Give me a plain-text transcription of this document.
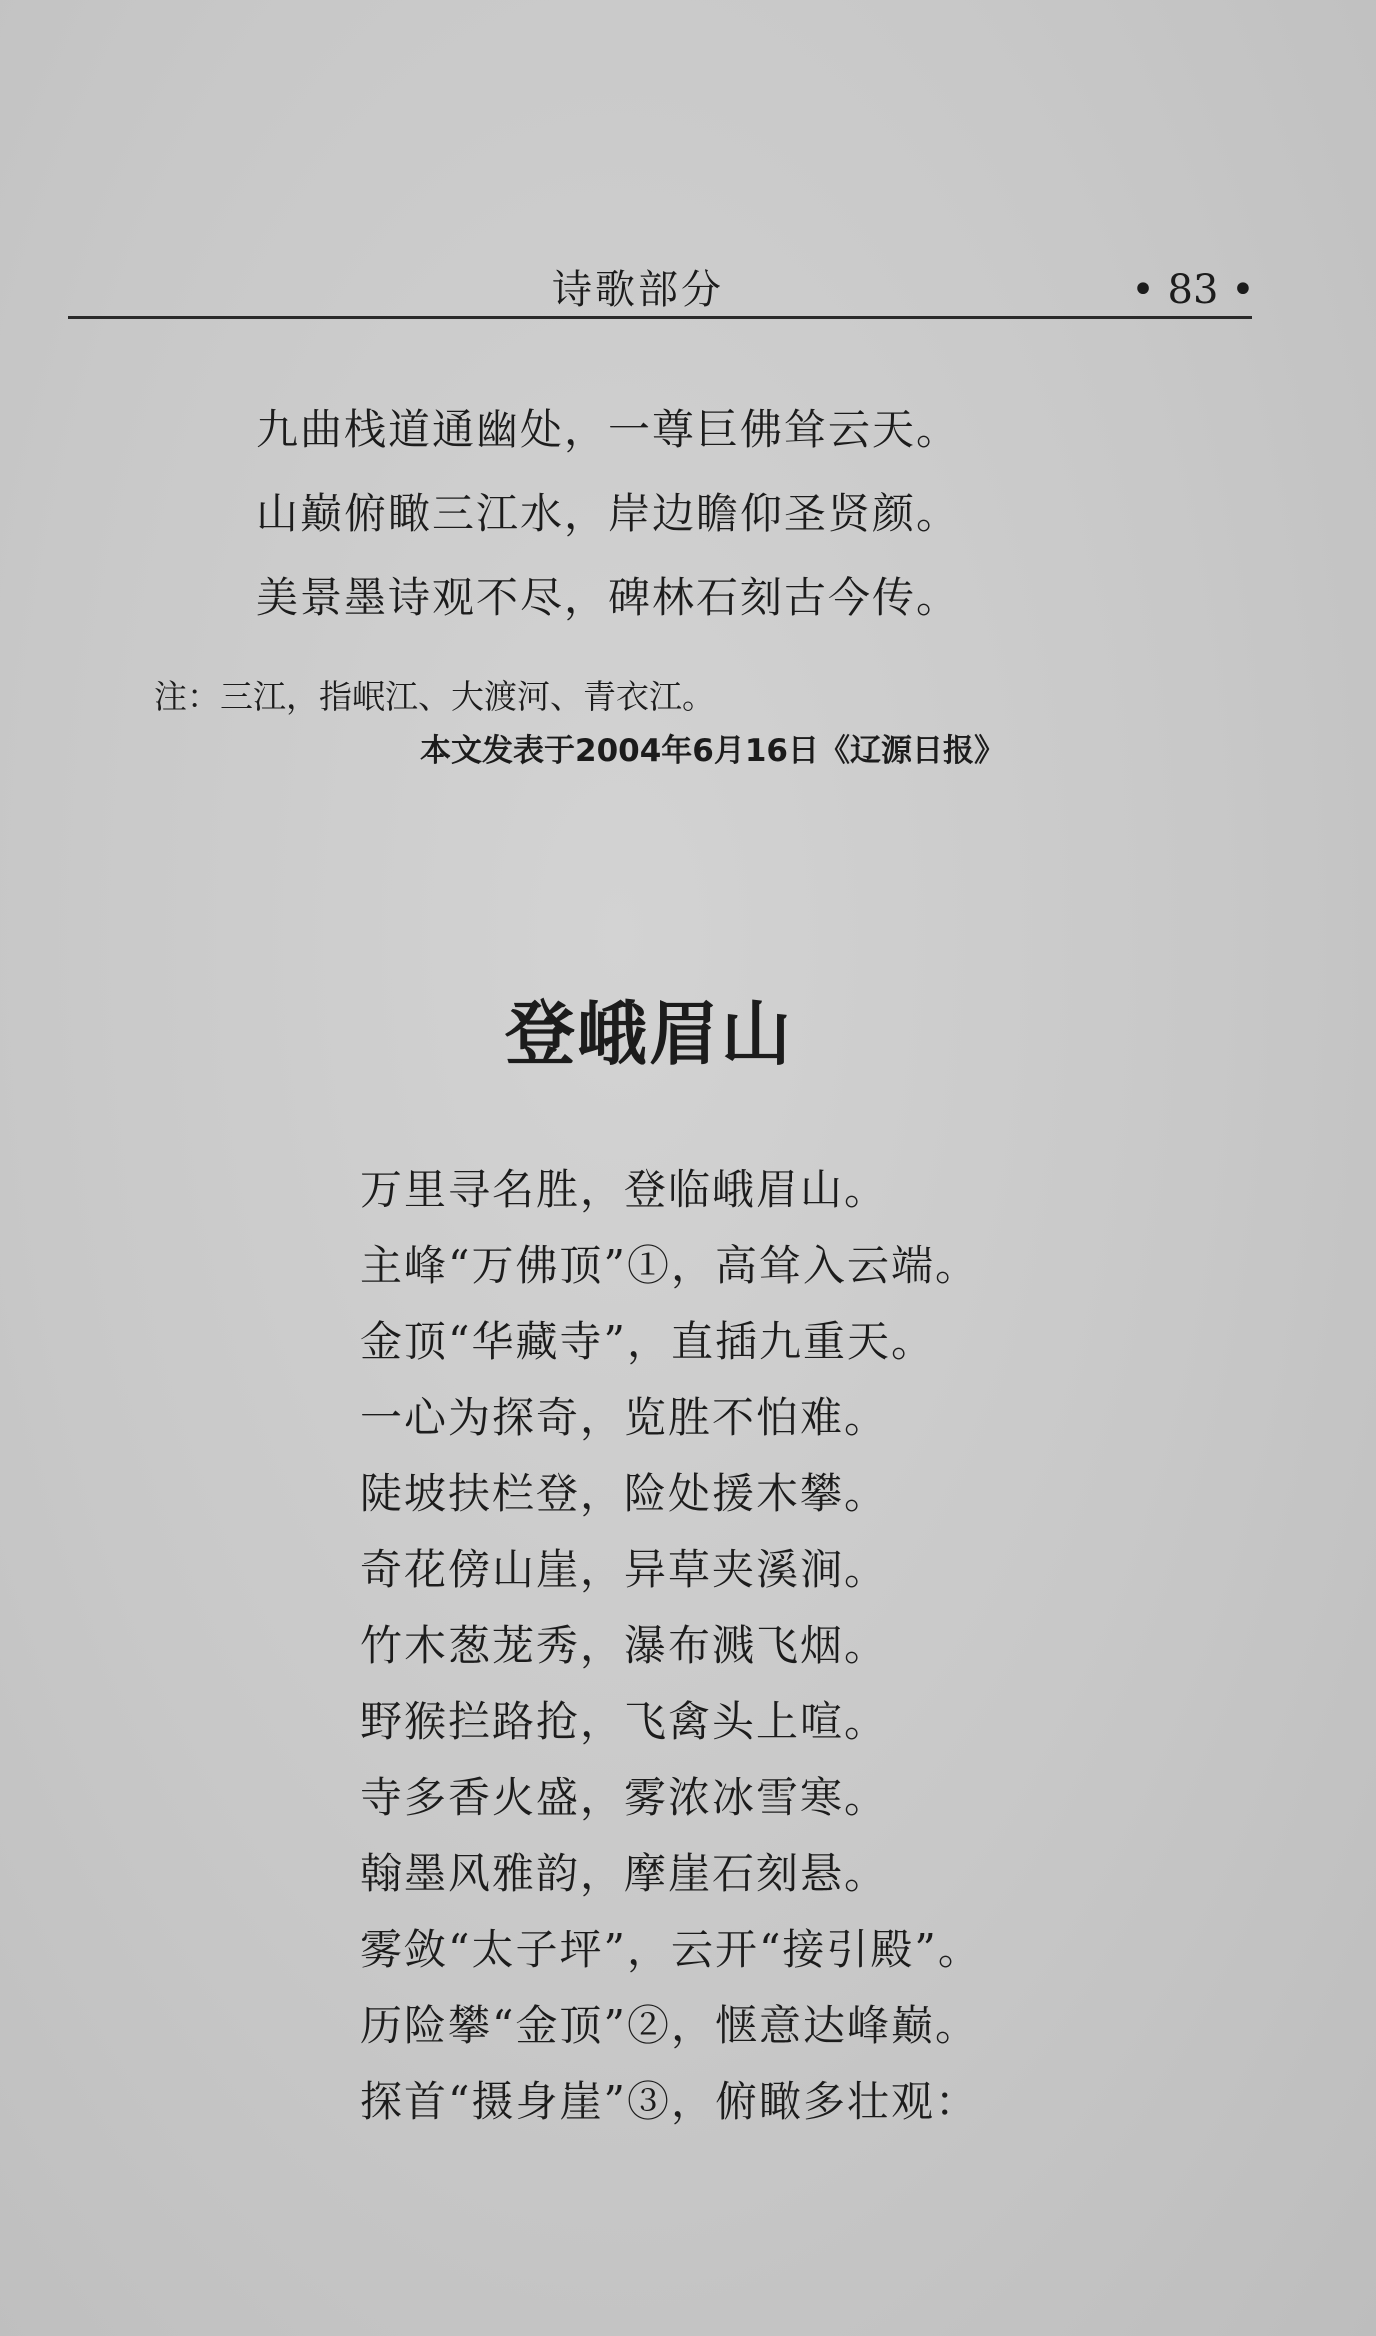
诗歌部分	• 83 •
九曲栈道通幽处，一尊巨佛耸云天。
山巅俯瞰三江水，岸边瞻仰圣贤颜。
美景墨诗观不尽，碑林石刻古今传。
注：三江，指岷江、大渡河、青衣江。
本文发表于2004年6月16日《辽源日报》
登峨眉山
万里寻名胜，登临峨眉山。
主峰“万佛顶”①，高耸入云端。
金顶“华藏寺”，直插九重天。
一心为探奇，览胜不怕难。
陡坡扶栏登，险处援木攀。
奇花傍山崖，异草夹溪涧。
竹木葱茏秀，瀑布溅飞烟。
野猴拦路抢，飞禽头上喧。
寺多香火盛，雾浓冰雪寒。
翰墨风雅韵，摩崖石刻悬。
雾敛“太子坪”，云开“接引殿”。
历险攀“金顶”②，惬意达峰巅。
探首“摄身崖”③，俯瞰多壮观：
